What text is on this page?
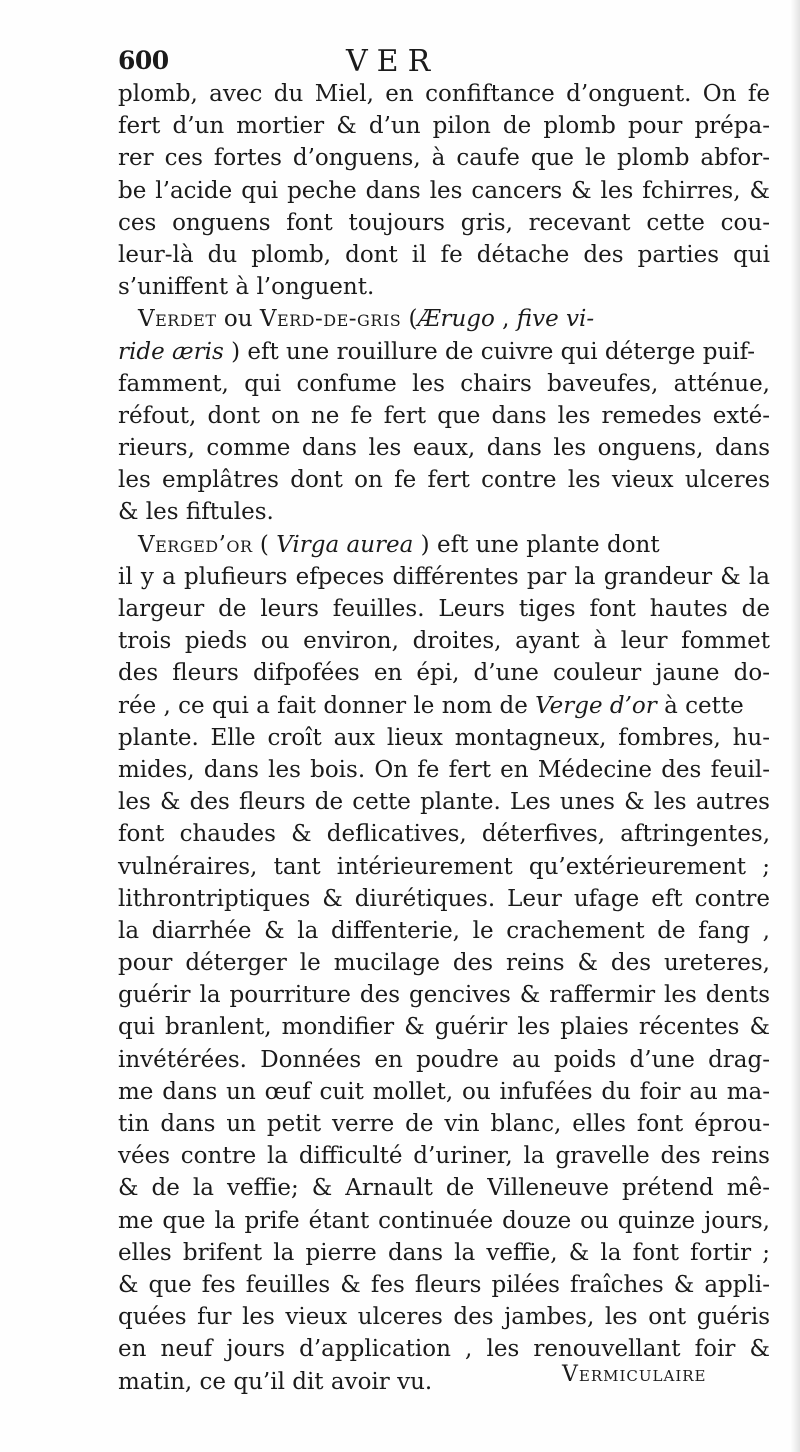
600	VER
plomb, avec du Miel, en confiftance d’onguent. On fe
fert d’un mortier & d’un pilon de plomb pour prépa-
rer ces fortes d’onguens, à caufe que le plomb abfor-
be l’acide qui peche dans les cancers & les fchirres, &
ces onguens font toujours gris, recevant cette cou-
leur-là du plomb, dont il fe détache des parties qui
s’uniffent à l’onguent.
Verdet ou Verd-de-gris (Ærugo , five vi-
ride æris ) eft une rouillure de cuivre qui déterge puif-
famment, qui confume les chairs baveufes, atténue,
réfout, dont on ne fe fert que dans les remedes exté-
rieurs, comme dans les eaux, dans les onguens, dans
les emplâtres dont on fe fert contre les vieux ulceres
& les fiftules.
Verged’or ( Virga aurea ) eft une plante dont
il y a plufieurs efpeces différentes par la grandeur & la
largeur de leurs feuilles. Leurs tiges font hautes de
trois pieds ou environ, droites, ayant à leur fommet
des fleurs difpofées en épi, d’une couleur jaune do-
rée , ce qui a fait donner le nom de Verge d’or à cette
plante. Elle croît aux lieux montagneux, fombres, hu-
mides, dans les bois. On fe fert en Médecine des feuil-
les & des fleurs de cette plante. Les unes & les autres
font chaudes & deflicatives, déterfives, aftringentes,
vulnéraires, tant intérieurement qu’extérieurement ;
lithrontriptiques & diurétiques. Leur ufage eft contre
la diarrhée & la diffenterie, le crachement de fang ,
pour déterger le mucilage des reins & des ureteres,
guérir la pourriture des gencives & raffermir les dents
qui branlent, mondifier & guérir les plaies récentes &
invétérées. Données en poudre au poids d’une drag-
me dans un œuf cuit mollet, ou infufées du foir au ma-
tin dans un petit verre de vin blanc, elles font éprou-
vées contre la difficulté d’uriner, la gravelle des reins
& de la veffie; & Arnault de Villeneuve prétend mê-
me que la prife étant continuée douze ou quinze jours,
elles brifent la pierre dans la veffie, & la font fortir ;
& que fes feuilles & fes fleurs pilées fraîches & appli-
quées fur les vieux ulceres des jambes, les ont guéris
en neuf jours d’application , les renouvellant foir &
matin, ce qu’il dit avoir vu.	Vermiculaire
